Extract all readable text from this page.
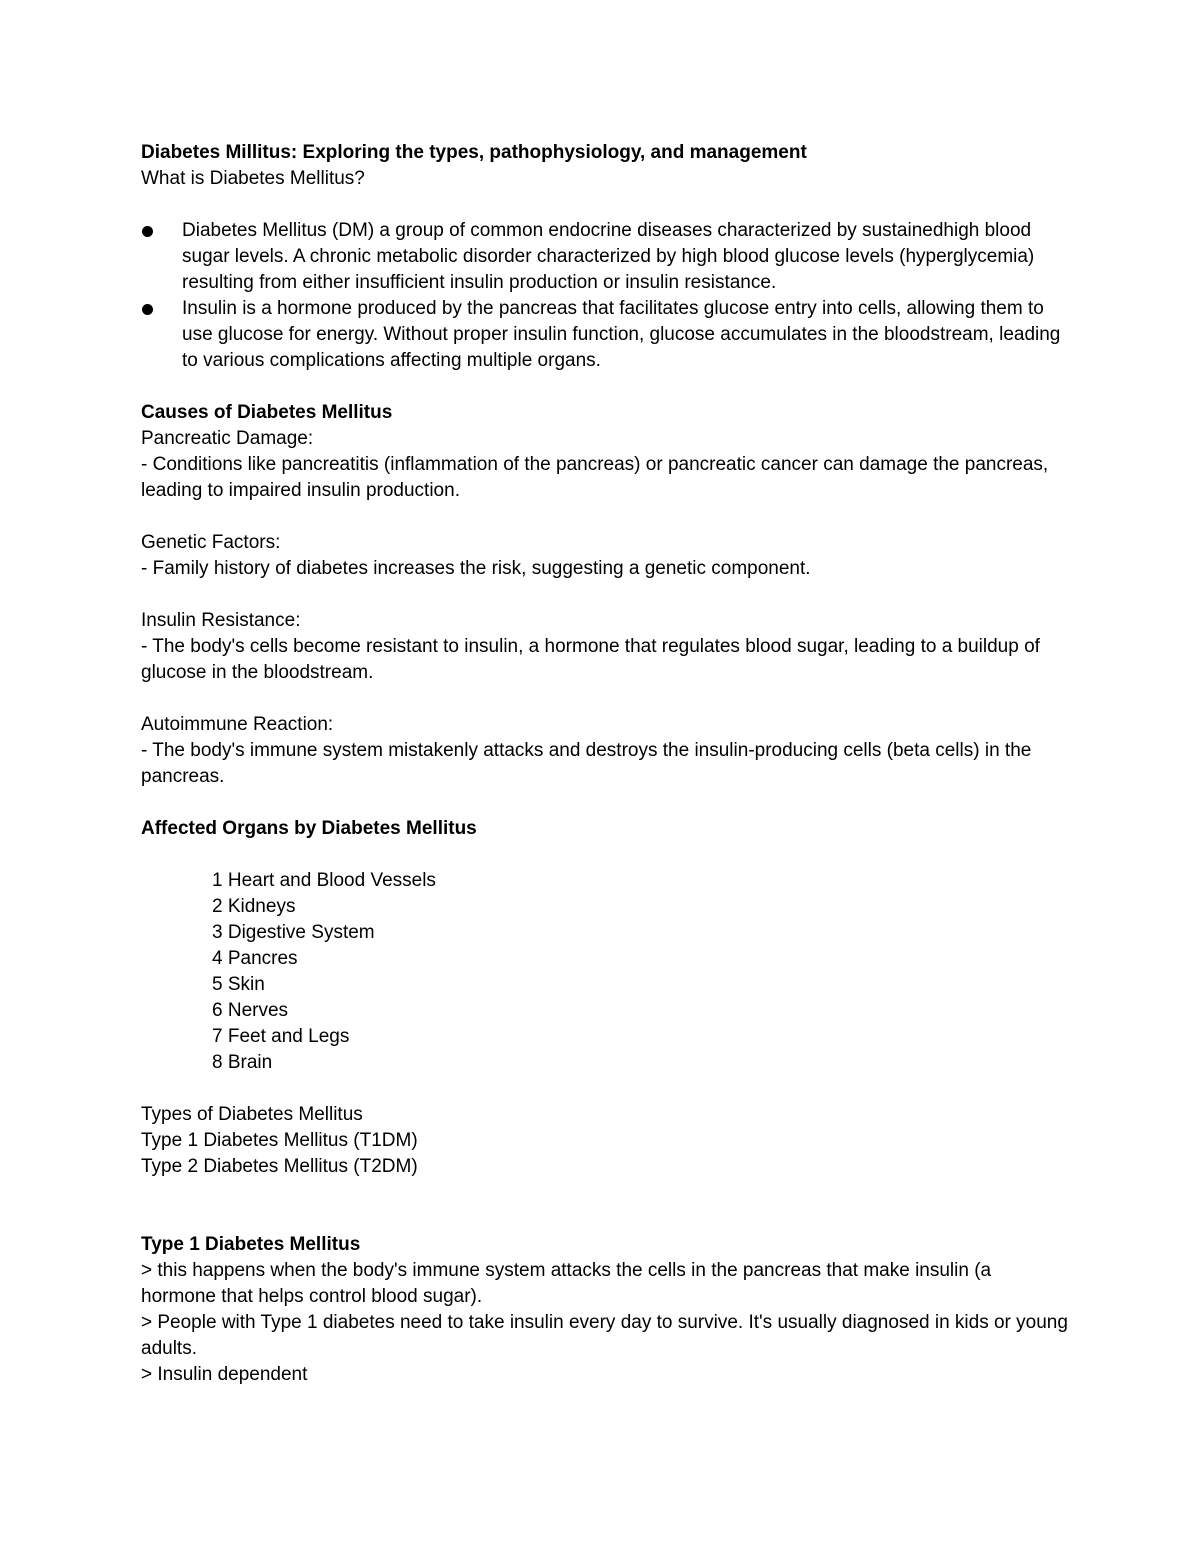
Diabetes Millitus: Exploring the types, pathophysiology, and management
What is Diabetes Mellitus?
Diabetes Mellitus (DM) a group of common endocrine diseases characterized by sustainedhigh blood sugar levels. A chronic metabolic disorder characterized by high blood glucose levels (hyperglycemia) resulting from either insufficient insulin production or insulin resistance.
Insulin is a hormone produced by the pancreas that facilitates glucose entry into cells, allowing them to use glucose for energy. Without proper insulin function, glucose accumulates in the bloodstream, leading to various complications affecting multiple organs.
Causes of Diabetes Mellitus
Pancreatic Damage:
- Conditions like pancreatitis (inflammation of the pancreas) or pancreatic cancer can damage the pancreas, leading to impaired insulin production.
Genetic Factors:
- Family history of diabetes increases the risk, suggesting a genetic component.
Insulin Resistance:
- The body's cells become resistant to insulin, a hormone that regulates blood sugar, leading to a buildup of glucose in the bloodstream.
Autoimmune Reaction:
- The body's immune system mistakenly attacks and destroys the insulin-producing cells (beta cells) in the pancreas.
Affected Organs by Diabetes Mellitus
1 Heart and Blood Vessels
2 Kidneys
3 Digestive System
4 Pancres
5 Skin
6 Nerves
7 Feet and Legs
8 Brain
Types of Diabetes Mellitus
Type 1 Diabetes Mellitus (T1DM)
Type 2 Diabetes Mellitus (T2DM)
Type 1 Diabetes Mellitus
> this happens when the body's immune system attacks the cells in the pancreas that make insulin (a hormone that helps control blood sugar).
> People with Type 1 diabetes need to take insulin every day to survive. It's usually diagnosed in kids or young adults.
> Insulin dependent
